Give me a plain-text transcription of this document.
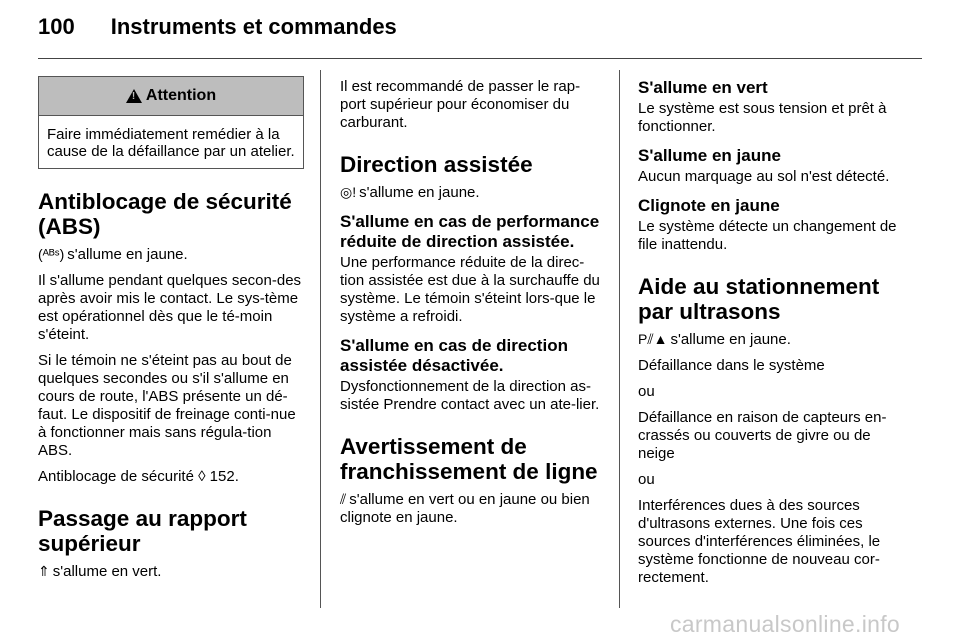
100 Instruments et commandes
!
Attention
Faire immédiatement remédier à la cause de la défaillance par un atelier.
Antiblocage de sécurité (ABS)

(ᴬᴮˢ) s'allume en jaune.

Il s'allume pendant quelques secon-des après avoir mis le contact. Le sys-tème est opérationnel dès que le té-moin s'éteint.

Si le témoin ne s'éteint pas au bout de quelques secondes ou s'il s'allume en cours de route, l'ABS présente un dé-faut. Le dispositif de freinage conti-nue à fonctionner mais sans régula-tion ABS.

Antiblocage de sécurité ◊ 152.

Passage au rapport supérieur

⇑ s'allume en vert.

Il est recommandé de passer le rap-port supérieur pour économiser du carburant.

Direction assistée

◎! s'allume en jaune.

S'allume en cas de performance réduite de direction assistée.

Une performance réduite de la direc-tion assistée est due à la surchauffe du système. Le témoin s'éteint lors-que le système a refroidi.

S'allume en cas de direction assistée désactivée.

Dysfonctionnement de la direction as-sistée Prendre contact avec un ate-lier.

Avertissement de franchissement de ligne

⫽ s'allume en vert ou en jaune ou bien clignote en jaune.

S'allume en vert

Le système est sous tension et prêt à fonctionner.

S'allume en jaune

Aucun marquage au sol n'est détecté.

Clignote en jaune

Le système détecte un changement de file inattendu.

Aide au stationnement par ultrasons

P⫽▲ s'allume en jaune.

Défaillance dans le système

ou

Défaillance en raison de capteurs en-crassés ou couverts de givre ou de neige

ou

Interférences dues à des sources d'ultrasons externes. Une fois ces sources d'interférences éliminées, le système fonctionne de nouveau cor-rectement.

carmanualsonline.info
